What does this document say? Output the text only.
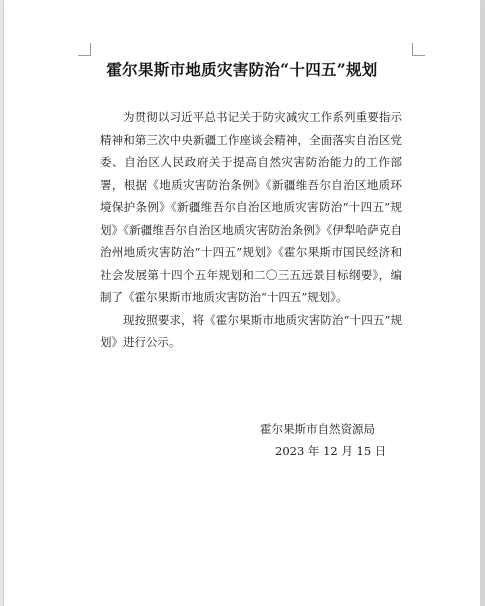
霍尔果斯市地质灾害防治“十四五”规划

为贯彻以习近平总书记关于防灾减灾工作系列重要指示精神和第三次中央新疆工作座谈会精神，全面落实自治区党委、自治区人民政府关于提高自然灾害防治能力的工作部署，根据《地质灾害防治条例》《新疆维吾尔自治区地质环境保护条例》《新疆维吾尔自治区地质灾害防治“十四五”规划》《新疆维吾尔自治区地质灾害防治条例》《伊犁哈萨克自治州地质灾害防治“十四五”规划》《霍尔果斯市国民经济和社会发展第十四个五年规划和二〇三五远景目标纲要》，编制了《霍尔果斯市地质灾害防治“十四五”规划》。

现按照要求，将《霍尔果斯市地质灾害防治“十四五”规划》进行公示。

霍尔果斯市自然资源局
2023 年 12 月 15 日
